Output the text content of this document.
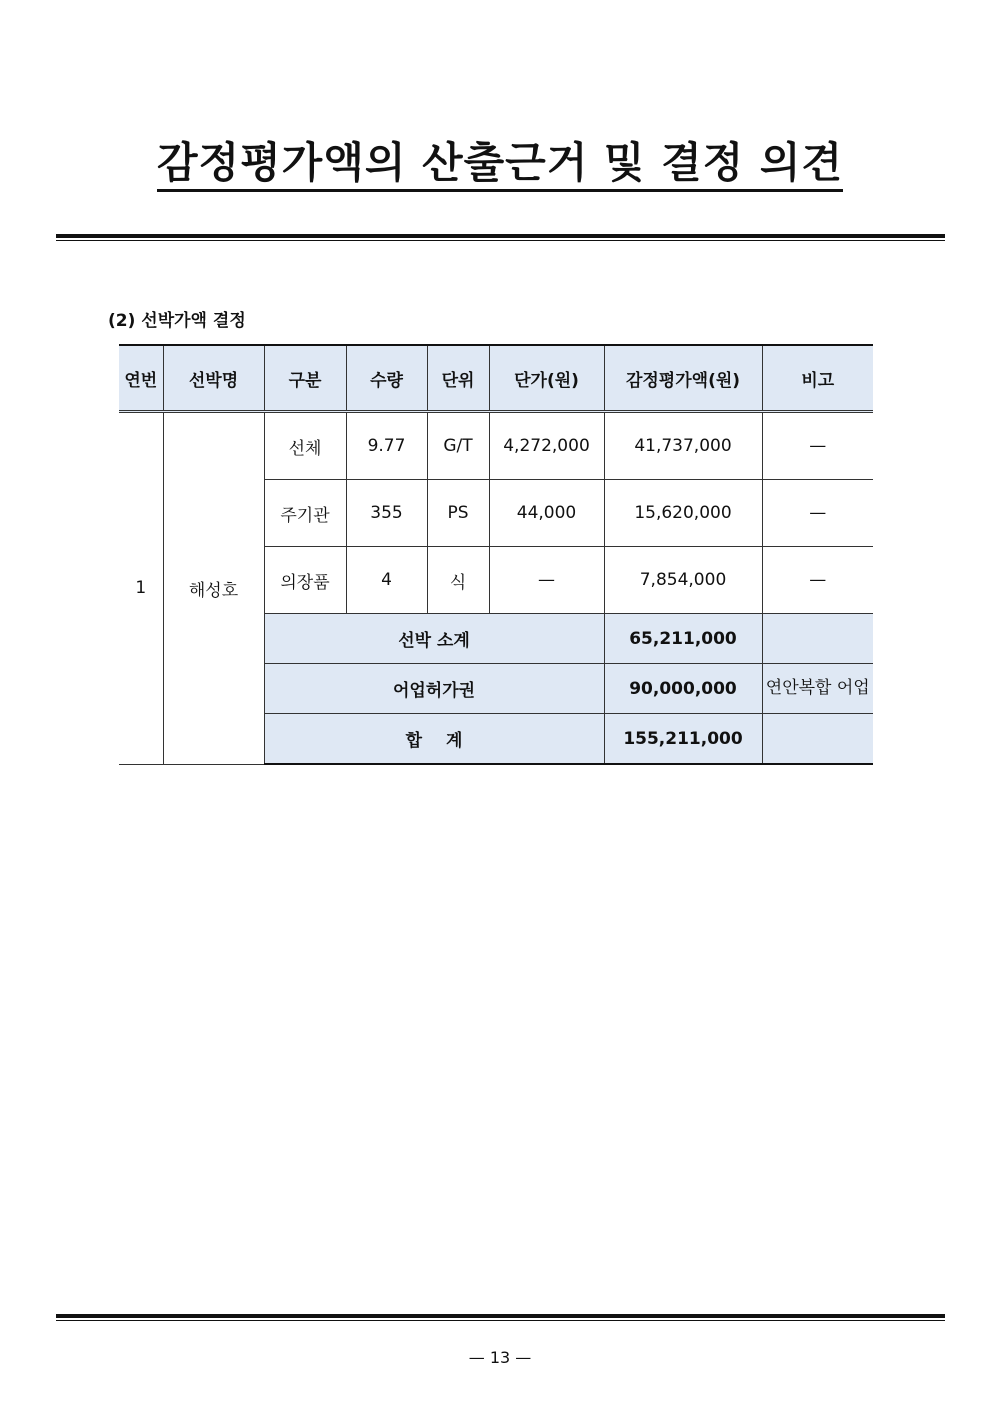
감정평가액의 산출근거 및 결정 의견

(2) 선박가액 결정

연번	선박명	구분	수량	단위	단가(원)	감정평가액(원)	비고
1	해성호	선체	9.77	G/T	4,272,000	41,737,000	—
		주기관	355	PS	44,000	15,620,000	—
		의장품	4	식	—	7,854,000	—
		선박 소계				65,211,000	
		어업허가권				90,000,000	연안복합 어업
		합 계				155,211,000	
— 13 —
